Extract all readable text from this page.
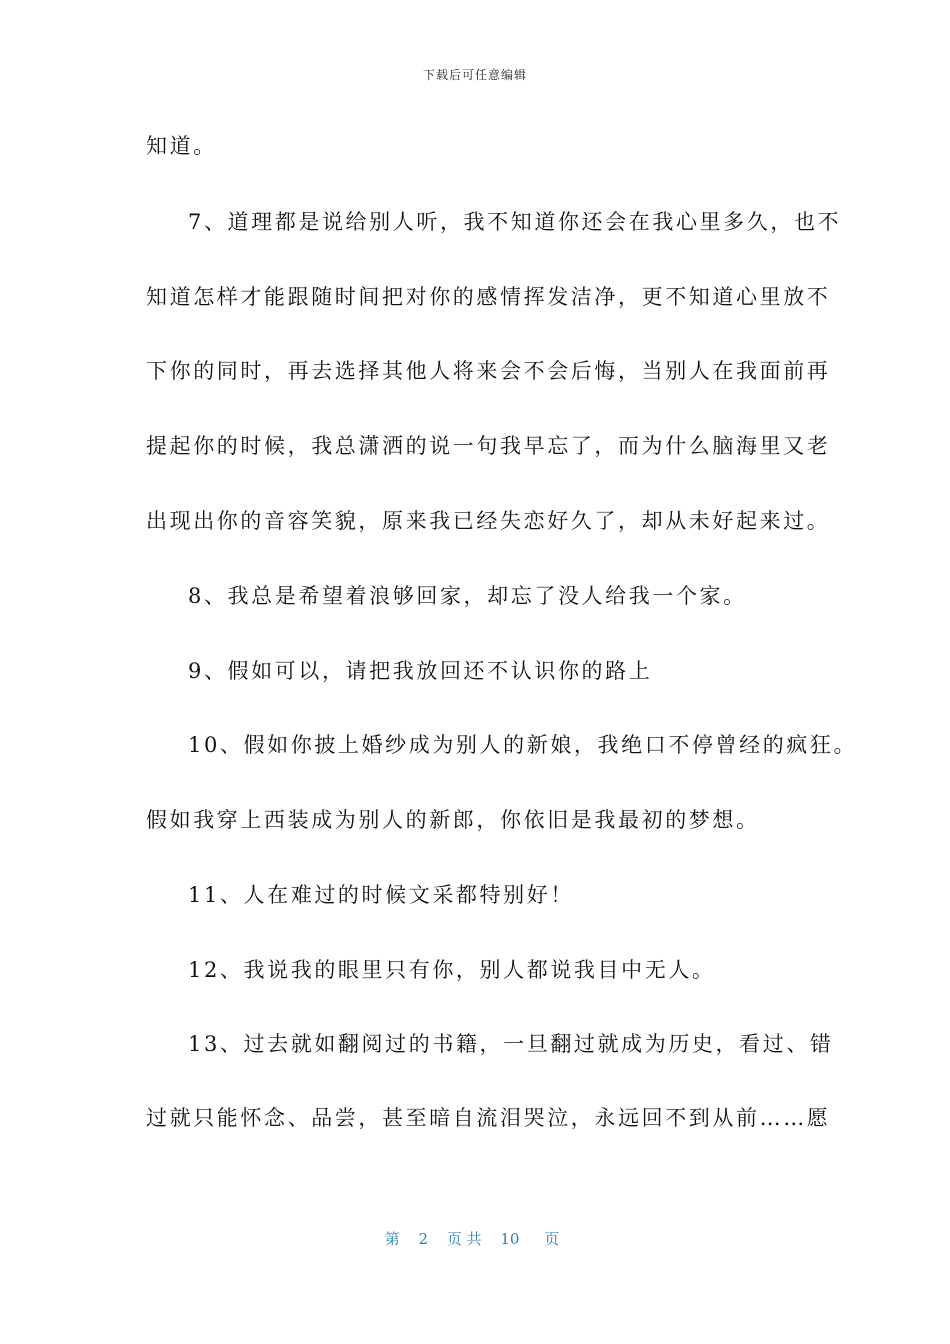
下载后可任意编辑
知道。
7、道理都是说给别人听，我不知道你还会在我心里多久，也不
知道怎样才能跟随时间把对你的感情挥发洁净，更不知道心里放不
下你的同时，再去选择其他人将来会不会后悔，当别人在我面前再
提起你的时候，我总潇洒的说一句我早忘了，而为什么脑海里又老
出现出你的音容笑貌，原来我已经失恋好久了，却从未好起来过。
8、我总是希望着浪够回家，却忘了没人给我一个家。
9、假如可以，请把我放回还不认识你的路上
10、假如你披上婚纱成为别人的新娘，我绝口不停曾经的疯狂。
假如我穿上西装成为别人的新郎，你依旧是我最初的梦想。
11、人在难过的时候文采都特别好！
12、我说我的眼里只有你，别人都说我目中无人。
13、过去就如翻阅过的书籍，一旦翻过就成为历史，看过、错
过就只能怀念、品尝，甚至暗自流泪哭泣，永远回不到从前……愿
第 2 页 共 10 页
